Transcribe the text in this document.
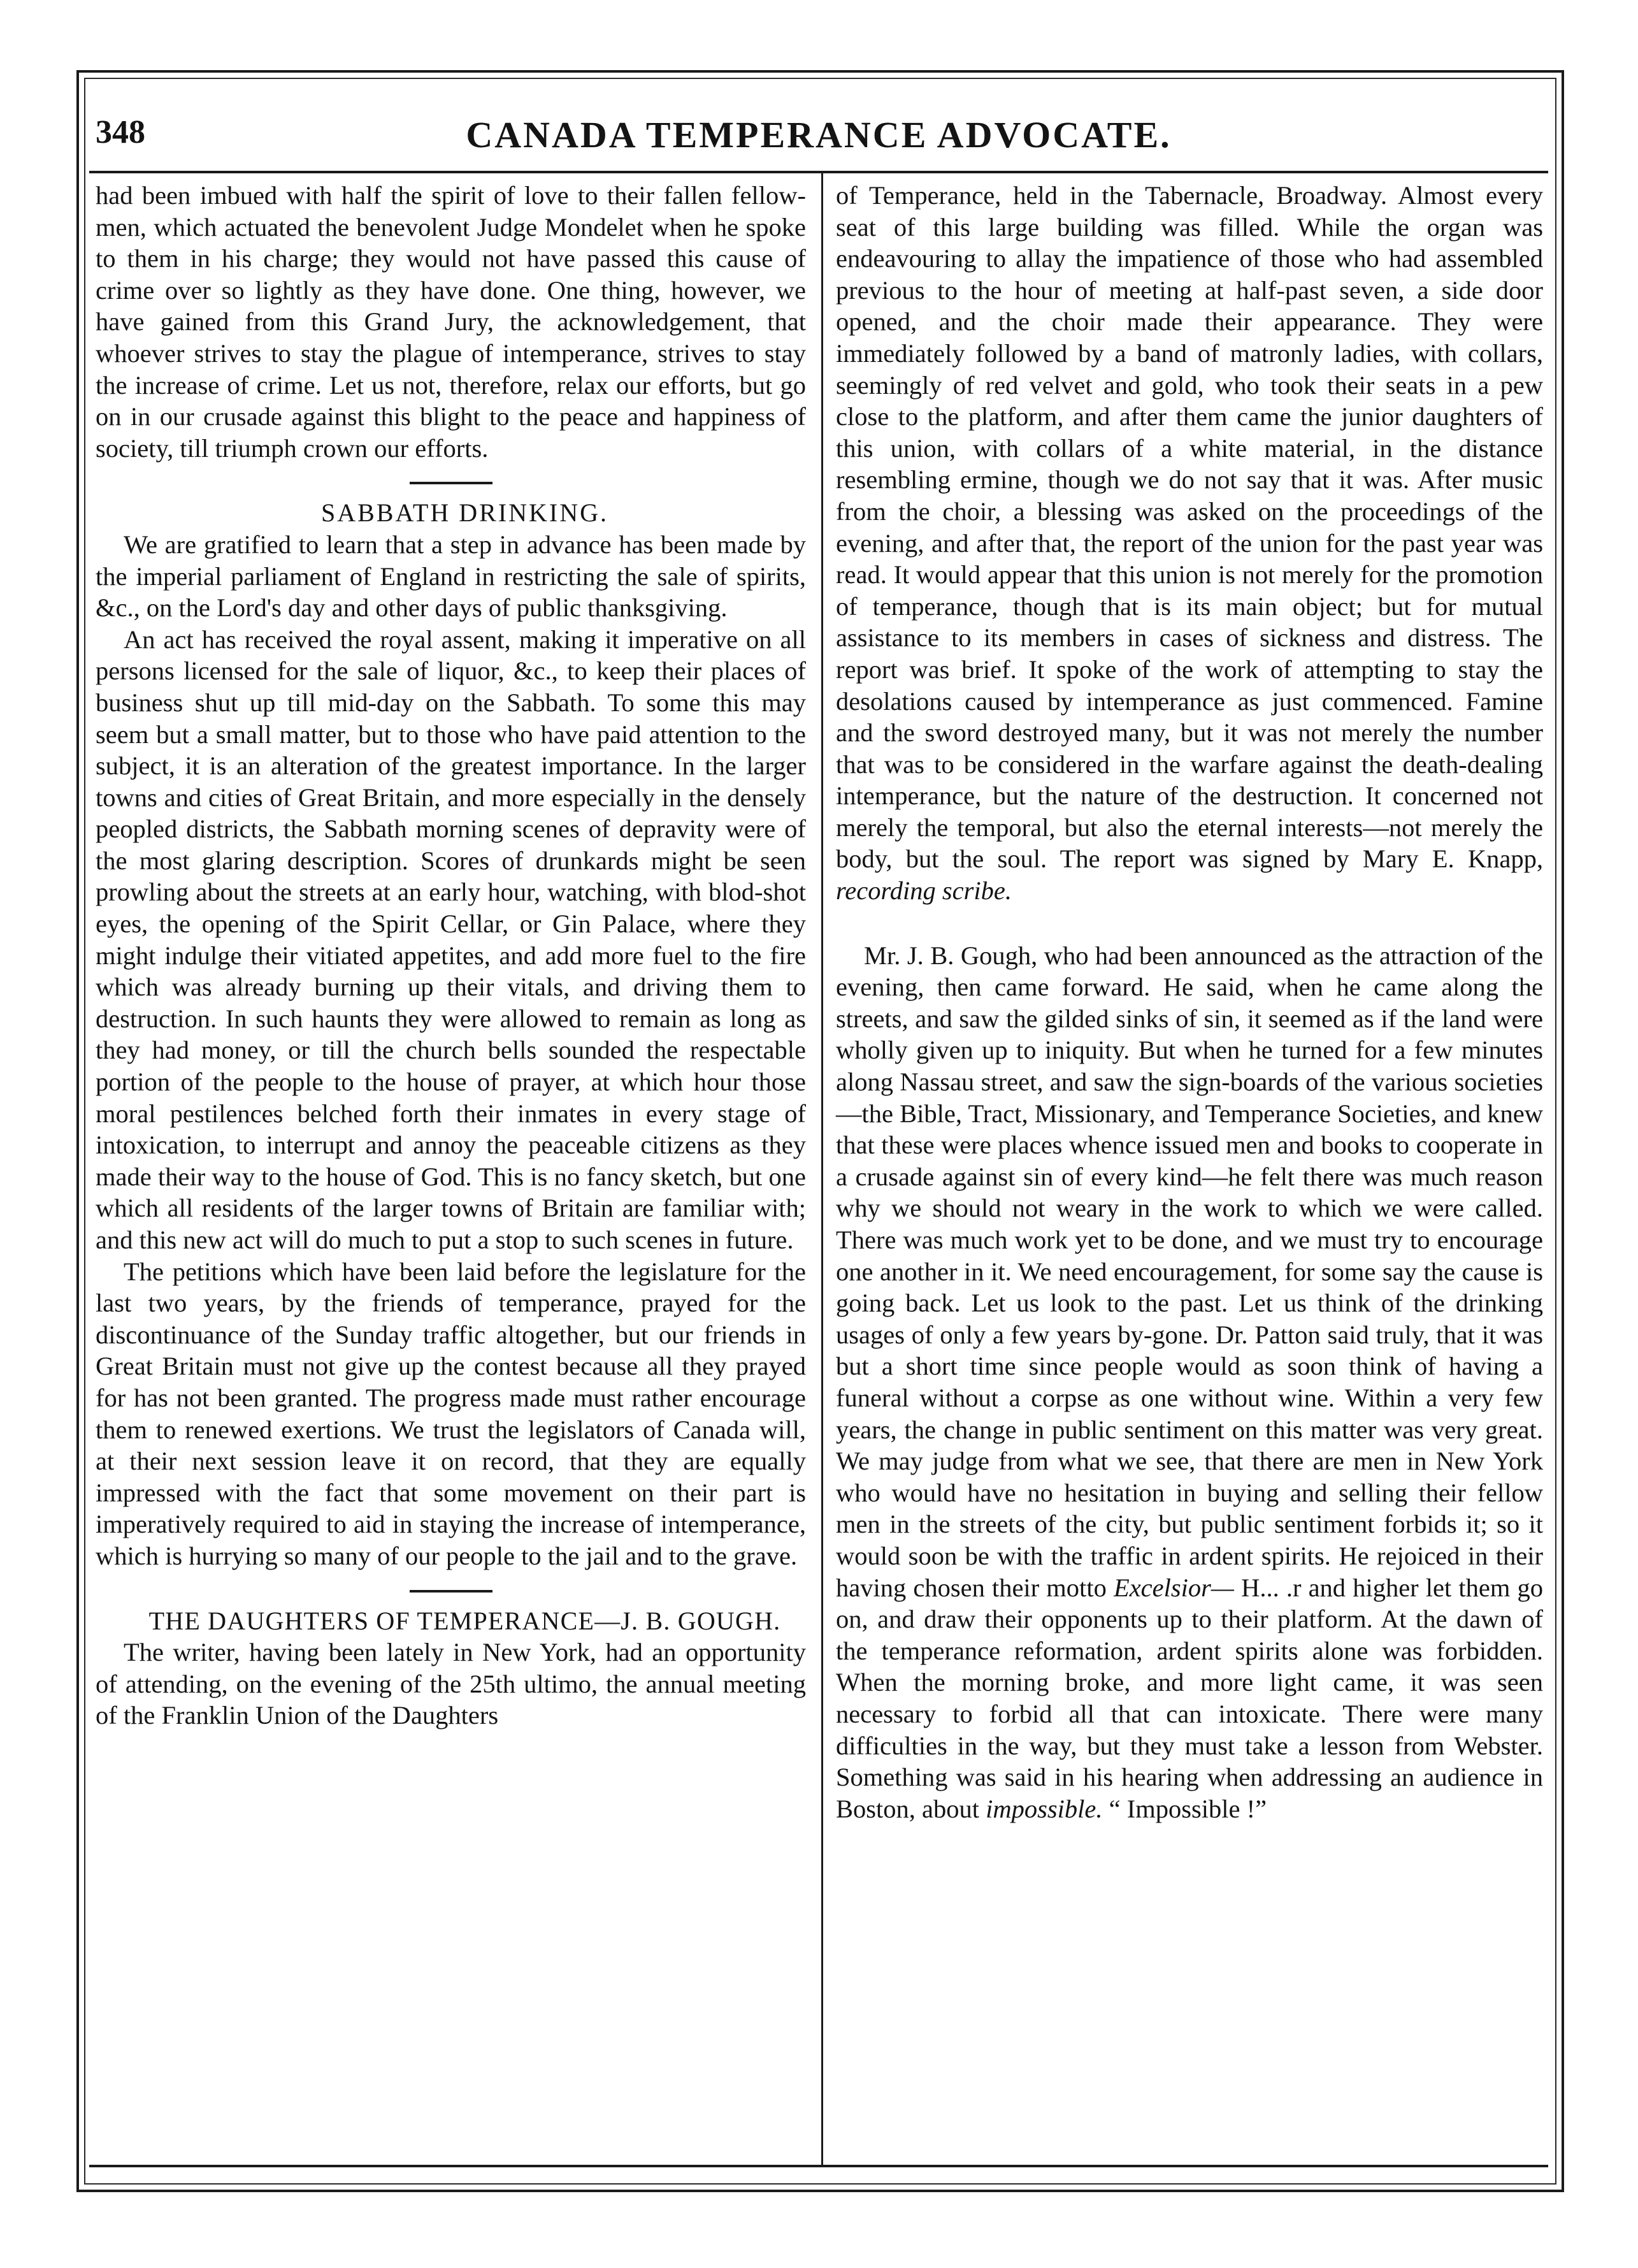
348	CANADA TEMPERANCE ADVOCATE.

had been imbued with half the spirit of love to their fallen fellow-men, which actuated the benevolent Judge Mondelet when he spoke to them in his charge; they would not have passed this cause of crime over so lightly as they have done. One thing, however, we have gained from this Grand Jury, the acknowledgement, that whoever strives to stay the plague of intemperance, strives to stay the increase of crime. Let us not, therefore, relax our efforts, but go on in our crusade against this blight to the peace and happiness of society, till triumph crown our efforts.

SABBATH DRINKING.

We are gratified to learn that a step in advance has been made by the imperial parliament of England in restricting the sale of spirits, &c., on the Lord's day and other days of public thanksgiving.

An act has received the royal assent, making it imperative on all persons licensed for the sale of liquor, &c., to keep their places of business shut up till mid-day on the Sabbath. To some this may seem but a small matter, but to those who have paid attention to the subject, it is an alteration of the greatest importance. In the larger towns and cities of Great Britain, and more especially in the densely peopled districts, the Sabbath morning scenes of depravity were of the most glaring description. Scores of drunkards might be seen prowling about the streets at an early hour, watching, with blod-shot eyes, the opening of the Spirit Cellar, or Gin Palace, where they might indulge their vitiated appetites, and add more fuel to the fire which was already burning up their vitals, and driving them to destruction. In such haunts they were allowed to remain as long as they had money, or till the church bells sounded the respectable portion of the people to the house of prayer, at which hour those moral pestilences belched forth their inmates in every stage of intoxication, to interrupt and annoy the peaceable citizens as they made their way to the house of God. This is no fancy sketch, but one which all residents of the larger towns of Britain are familiar with; and this new act will do much to put a stop to such scenes in future.

The petitions which have been laid before the legislature for the last two years, by the friends of temperance, prayed for the discontinuance of the Sunday traffic altogether, but our friends in Great Britain must not give up the contest because all they prayed for has not been granted. The progress made must rather encourage them to renewed exertions. We trust the legislators of Canada will, at their next session leave it on record, that they are equally impressed with the fact that some movement on their part is imperatively required to aid in staying the increase of intemperance, which is hurrying so many of our people to the jail and to the grave.

THE DAUGHTERS OF TEMPERANCE—J. B. GOUGH.

The writer, having been lately in New York, had an opportunity of attending, on the evening of the 25th ultimo, the annual meeting of the Franklin Union of the Daughters

of Temperance, held in the Tabernacle, Broadway. Almost every seat of this large building was filled. While the organ was endeavouring to allay the impatience of those who had assembled previous to the hour of meeting at half-past seven, a side door opened, and the choir made their appearance. They were immediately followed by a band of matronly ladies, with collars, seemingly of red velvet and gold, who took their seats in a pew close to the platform, and after them came the junior daughters of this union, with collars of a white material, in the distance resembling ermine, though we do not say that it was. After music from the choir, a blessing was asked on the proceedings of the evening, and after that, the report of the union for the past year was read. It would appear that this union is not merely for the promotion of temperance, though that is its main object; but for mutual assistance to its members in cases of sickness and distress. The report was brief. It spoke of the work of attempting to stay the desolations caused by intemperance as just commenced. Famine and the sword destroyed many, but it was not merely the number that was to be considered in the warfare against the death-dealing intemperance, but the nature of the destruction. It concerned not merely the temporal, but also the eternal interests—not merely the body, but the soul. The report was signed by Mary E. Knapp, recording scribe.

Mr. J. B. Gough, who had been announced as the attraction of the evening, then came forward. He said, when he came along the streets, and saw the gilded sinks of sin, it seemed as if the land were wholly given up to iniquity. But when he turned for a few minutes along Nassau street, and saw the sign-boards of the various societies—the Bible, Tract, Missionary, and Temperance Societies, and knew that these were places whence issued men and books to cooperate in a crusade against sin of every kind—he felt there was much reason why we should not weary in the work to which we were called. There was much work yet to be done, and we must try to encourage one another in it. We need encouragement, for some say the cause is going back. Let us look to the past. Let us think of the drinking usages of only a few years by-gone. Dr. Patton said truly, that it was but a short time since people would as soon think of having a funeral without a corpse as one without wine. Within a very few years, the change in public sentiment on this matter was very great. We may judge from what we see, that there are men in New York who would have no hesitation in buying and selling their fellow men in the streets of the city, but public sentiment forbids it; so it would soon be with the traffic in ardent spirits. He rejoiced in their having chosen their motto Excelsior— H... .r and higher let them go on, and draw their opponents up to their platform. At the dawn of the temperance reformation, ardent spirits alone was forbidden. When the morning broke, and more light came, it was seen necessary to forbid all that can intoxicate. There were many difficulties in the way, but they must take a lesson from Webster. Something was said in his hearing when addressing an audience in Boston, about impossible. “ Impossible !”
